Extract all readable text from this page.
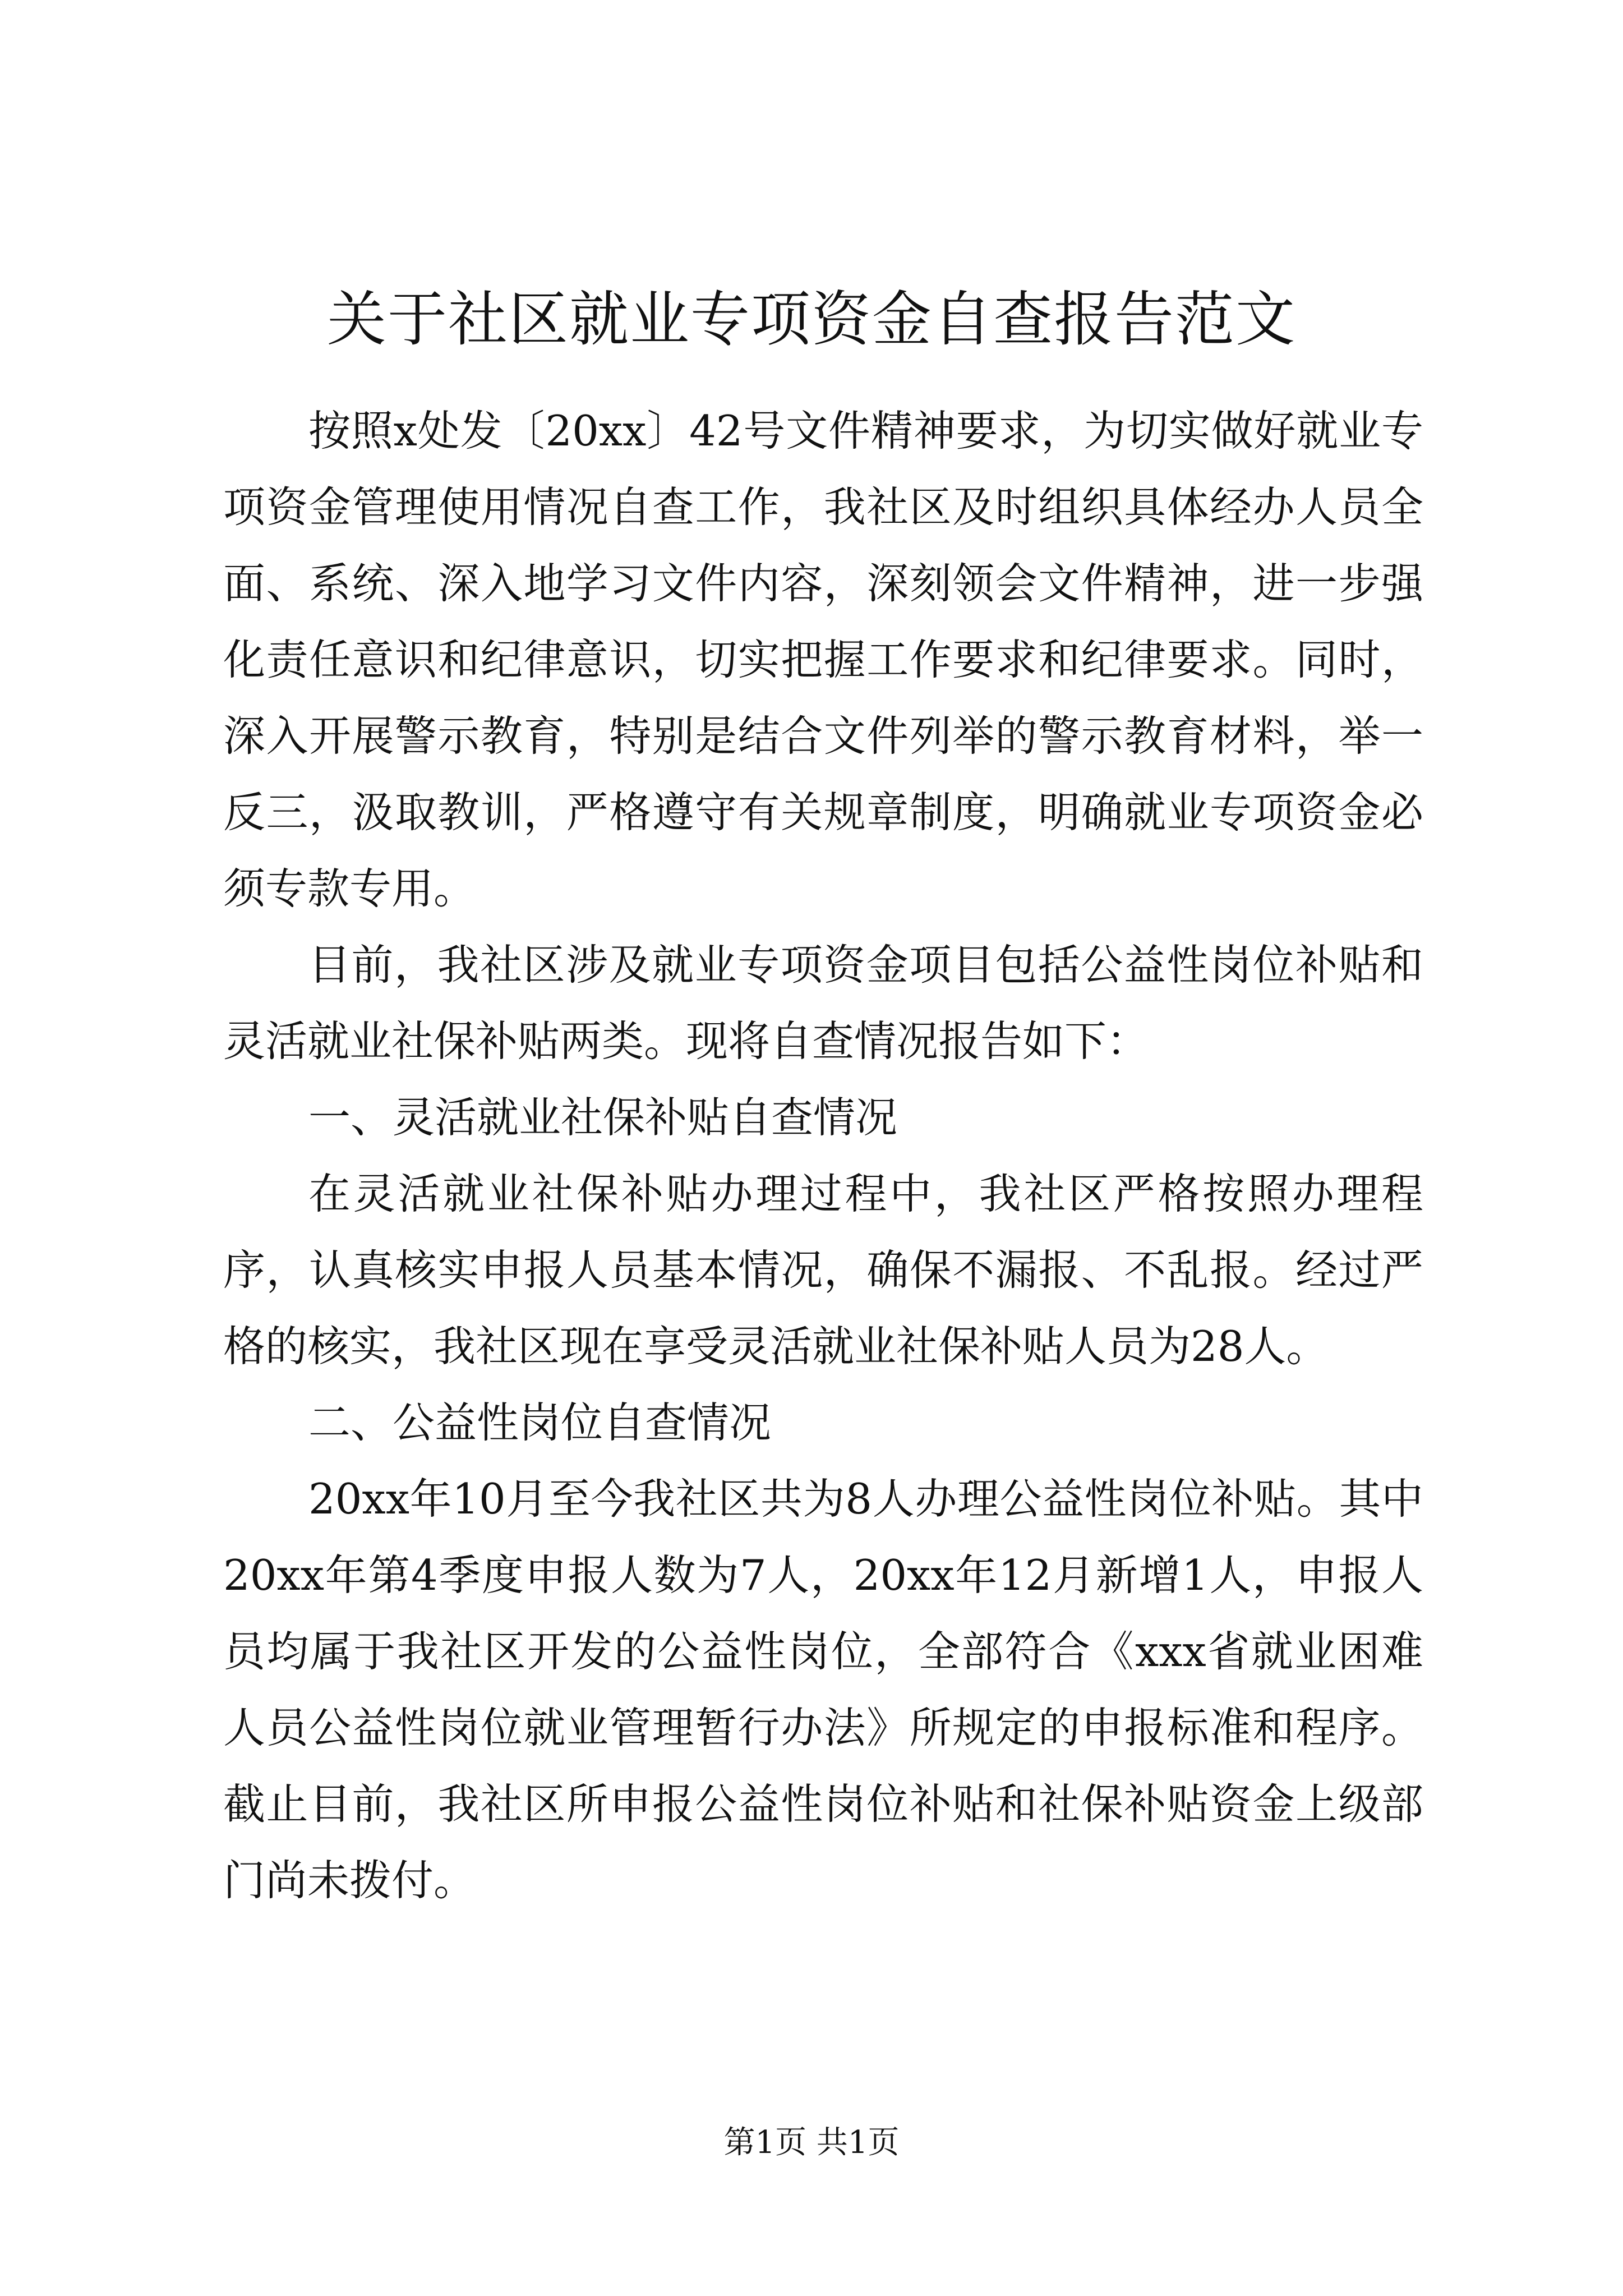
关于社区就业专项资金自查报告范文

按照x处发〔20xx〕42号文件精神要求，为切实做好就业专项资金管理使用情况自查工作，我社区及时组织具体经办人员全面、系统、深入地学习文件内容，深刻领会文件精神，进一步强化责任意识和纪律意识，切实把握工作要求和纪律要求。同时，深入开展警示教育，特别是结合文件列举的警示教育材料，举一反三，汲取教训，严格遵守有关规章制度，明确就业专项资金必须专款专用。

目前，我社区涉及就业专项资金项目包括公益性岗位补贴和灵活就业社保补贴两类。现将自查情况报告如下：

一、灵活就业社保补贴自查情况

在灵活就业社保补贴办理过程中，我社区严格按照办理程序，认真核实申报人员基本情况，确保不漏报、不乱报。经过严格的核实，我社区现在享受灵活就业社保补贴人员为28人。

二、公益性岗位自查情况

20xx年10月至今我社区共为8人办理公益性岗位补贴。其中20xx年第4季度申报人数为7人，20xx年12月新增1人，申报人员均属于我社区开发的公益性岗位，全部符合《xxx省就业困难人员公益性岗位就业管理暂行办法》所规定的申报标准和程序。截止目前，我社区所申报公益性岗位补贴和社保补贴资金上级部门尚未拨付。

第1页 共1页
